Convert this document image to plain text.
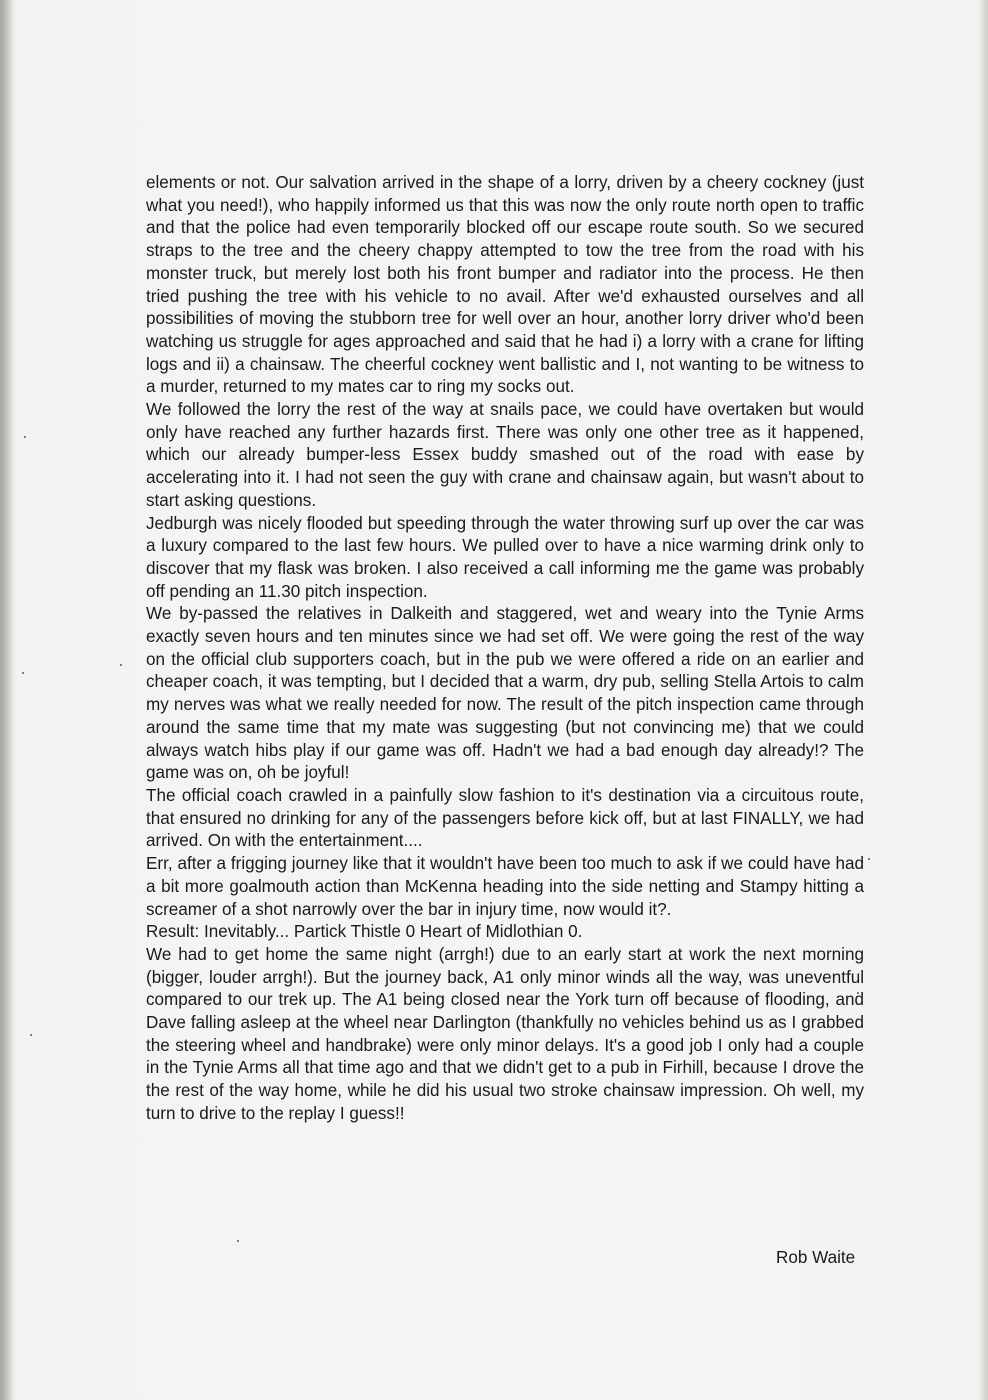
elements or not. Our salvation arrived in the shape of a lorry, driven by a cheery cockney (just what you need!), who happily informed us that this was now the only route north open to traffic and that the police had even temporarily blocked off our escape route south. So we secured straps to the tree and the cheery chappy attempted to tow the tree from the road with his monster truck, but merely lost both his front bumper and radiator into the process. He then tried pushing the tree with his vehicle to no avail. After we'd exhausted ourselves and all possibilities of moving the stubborn tree for well over an hour, another lorry driver who'd been watching us struggle for ages approached and said that he had i) a lorry with a crane for lifting logs and ii) a chainsaw. The cheerful cockney went ballistic and I, not wanting to be witness to a murder, returned to my mates car to ring my socks out.

We followed the lorry the rest of the way at snails pace, we could have overtaken but would only have reached any further hazards first. There was only one other tree as it happened, which our already bumper-less Essex buddy smashed out of the road with ease by accelerating into it. I had not seen the guy with crane and chainsaw again, but wasn't about to start asking questions.

Jedburgh was nicely flooded but speeding through the water throwing surf up over the car was a luxury compared to the last few hours. We pulled over to have a nice warming drink only to discover that my flask was broken. I also received a call informing me the game was probably off pending an 11.30 pitch inspection.

We by-passed the relatives in Dalkeith and staggered, wet and weary into the Tynie Arms exactly seven hours and ten minutes since we had set off. We were going the rest of the way on the official club supporters coach, but in the pub we were offered a ride on an earlier and cheaper coach, it was tempting, but I decided that a warm, dry pub, selling Stella Artois to calm my nerves was what we really needed for now. The result of the pitch inspection came through around the same time that my mate was suggesting (but not convincing me) that we could always watch hibs play if our game was off. Hadn't we had a bad enough day already!? The game was on, oh be joyful!

The official coach crawled in a painfully slow fashion to it's destination via a circuitous route, that ensured no drinking for any of the passengers before kick off, but at last FINALLY, we had arrived. On with the entertainment....

Err, after a frigging journey like that it wouldn't have been too much to ask if we could have had a bit more goalmouth action than McKenna heading into the side netting and Stampy hitting a screamer of a shot narrowly over the bar in injury time, now would it?.

Result: Inevitably... Partick Thistle 0 Heart of Midlothian 0.

We had to get home the same night (arrgh!) due to an early start at work the next morning (bigger, louder arrgh!). But the journey back, A1 only minor winds all the way, was uneventful compared to our trek up. The A1 being closed near the York turn off because of flooding, and Dave falling asleep at the wheel near Darlington (thankfully no vehicles behind us as I grabbed the steering wheel and handbrake) were only minor delays. It's a good job I only had a couple in the Tynie Arms all that time ago and that we didn't get to a pub in Firhill, because I drove the the rest of the way home, while he did his usual two stroke chainsaw impression. Oh well, my turn to drive to the replay I guess!!

Rob Waite
